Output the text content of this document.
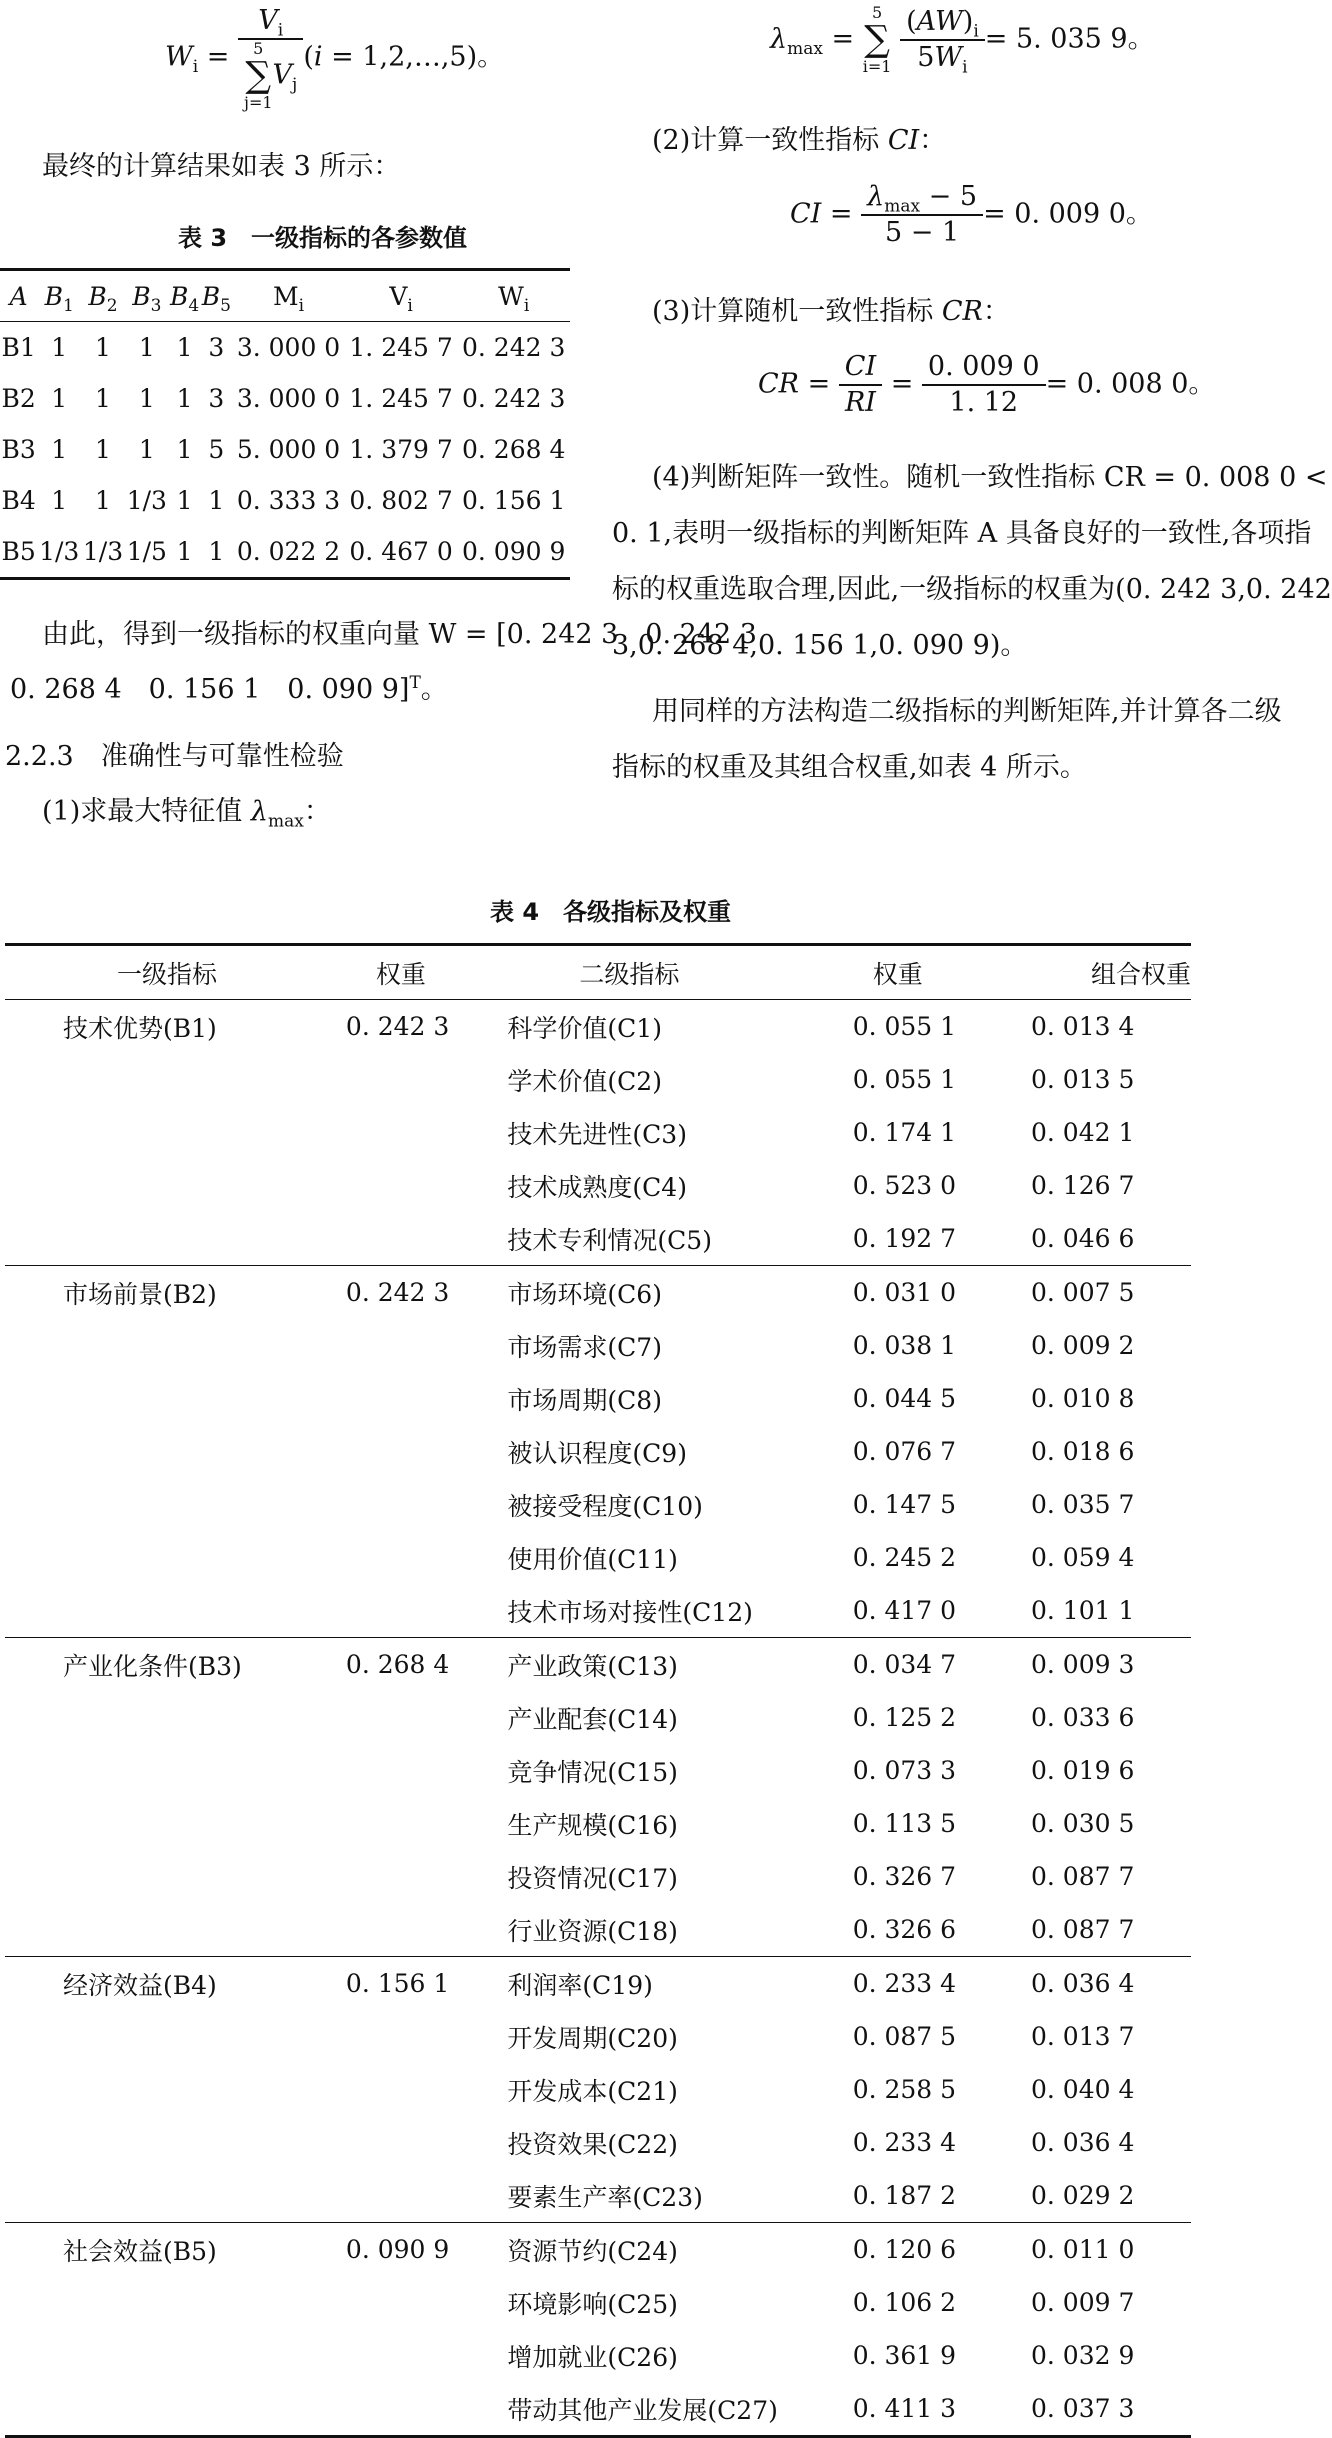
$W_i = V_i$
5
∑
$j=1V_j$ (i = 1,2,…,5)。
最终的计算结果如表 3 所示：
表 3　一级指标的各参数值
A	$B_1$	$B_2$	$B_3$	$B_4$	$B_5$	$M_i$	$V_i$	$W_i$
B1	1	1	1	1	3	3. 000 0	1. 245 7	0. 242 3
B2	1	1	1	1	3	3. 000 0	1. 245 7	0. 242 3
B3	1	1	1	1	5	5. 000 0	1. 379 7	0. 268 4
B4	1	1	1/3	1	1	0. 333 3	0. 802 7	0. 156 1
B5	1/3	1/3	1/5	1	1	0. 022 2	0. 467 0	0. 090 9
由此，得到一级指标的权重向量 W = [0. 242 3　0. 242 3
0. 268 4　0. 156 1　0. 090 9]$^T$。
2.2.3　准确性与可靠性检验
(1)求最大特征值 $\lambda_{max}$：
$\lambda_{max} = 5$
∑
$i=1 \frac{(AW)_i}{5W_i} = 5$. 035 9。
(2)计算一致性指标 CI：
CI = $\frac{\lambda_{max} - 5}{5 - 1} = 0$. 009 0。
(3)计算随机一致性指标 CR：
CR = $\frac{CI}{RI} = \frac{0. 009 0}{1. 12} = 0$. 008 0。
(4)判断矩阵一致性。随机一致性指标 CR = 0. 008 0 <
0. 1,表明一级指标的判断矩阵 A 具备良好的一致性,各项指
标的权重选取合理,因此,一级指标的权重为(0. 242 3,0. 242
3,0. 268 4,0. 156 1,0. 090 9)。
用同样的方法构造二级指标的判断矩阵,并计算各二级
指标的权重及其组合权重,如表 4 所示。
表 4　各级指标及权重
一级指标	权重	二级指标	权重	组合权重
技术优势(B1)	0. 242 3	科学价值(C1)	0. 055 1	0. 013 4
		学术价值(C2)	0. 055 1	0. 013 5
		技术先进性(C3)	0. 174 1	0. 042 1
		技术成熟度(C4)	0. 523 0	0. 126 7
		技术专利情况(C5)	0. 192 7	0. 046 6
市场前景(B2)	0. 242 3	市场环境(C6)	0. 031 0	0. 007 5
		市场需求(C7)	0. 038 1	0. 009 2
		市场周期(C8)	0. 044 5	0. 010 8
		被认识程度(C9)	0. 076 7	0. 018 6
		被接受程度(C10)	0. 147 5	0. 035 7
		使用价值(C11)	0. 245 2	0. 059 4
		技术市场对接性(C12)	0. 417 0	0. 101 1
产业化条件(B3)	0. 268 4	产业政策(C13)	0. 034 7	0. 009 3
		产业配套(C14)	0. 125 2	0. 033 6
		竞争情况(C15)	0. 073 3	0. 019 6
		生产规模(C16)	0. 113 5	0. 030 5
		投资情况(C17)	0. 326 7	0. 087 7
		行业资源(C18)	0. 326 6	0. 087 7
经济效益(B4)	0. 156 1	利润率(C19)	0. 233 4	0. 036 4
		开发周期(C20)	0. 087 5	0. 013 7
		开发成本(C21)	0. 258 5	0. 040 4
		投资效果(C22)	0. 233 4	0. 036 4
		要素生产率(C23)	0. 187 2	0. 029 2
社会效益(B5)	0. 090 9	资源节约(C24)	0. 120 6	0. 011 0
		环境影响(C25)	0. 106 2	0. 009 7
		增加就业(C26)	0. 361 9	0. 032 9
		带动其他产业发展(C27)	0. 411 3	0. 037 3
